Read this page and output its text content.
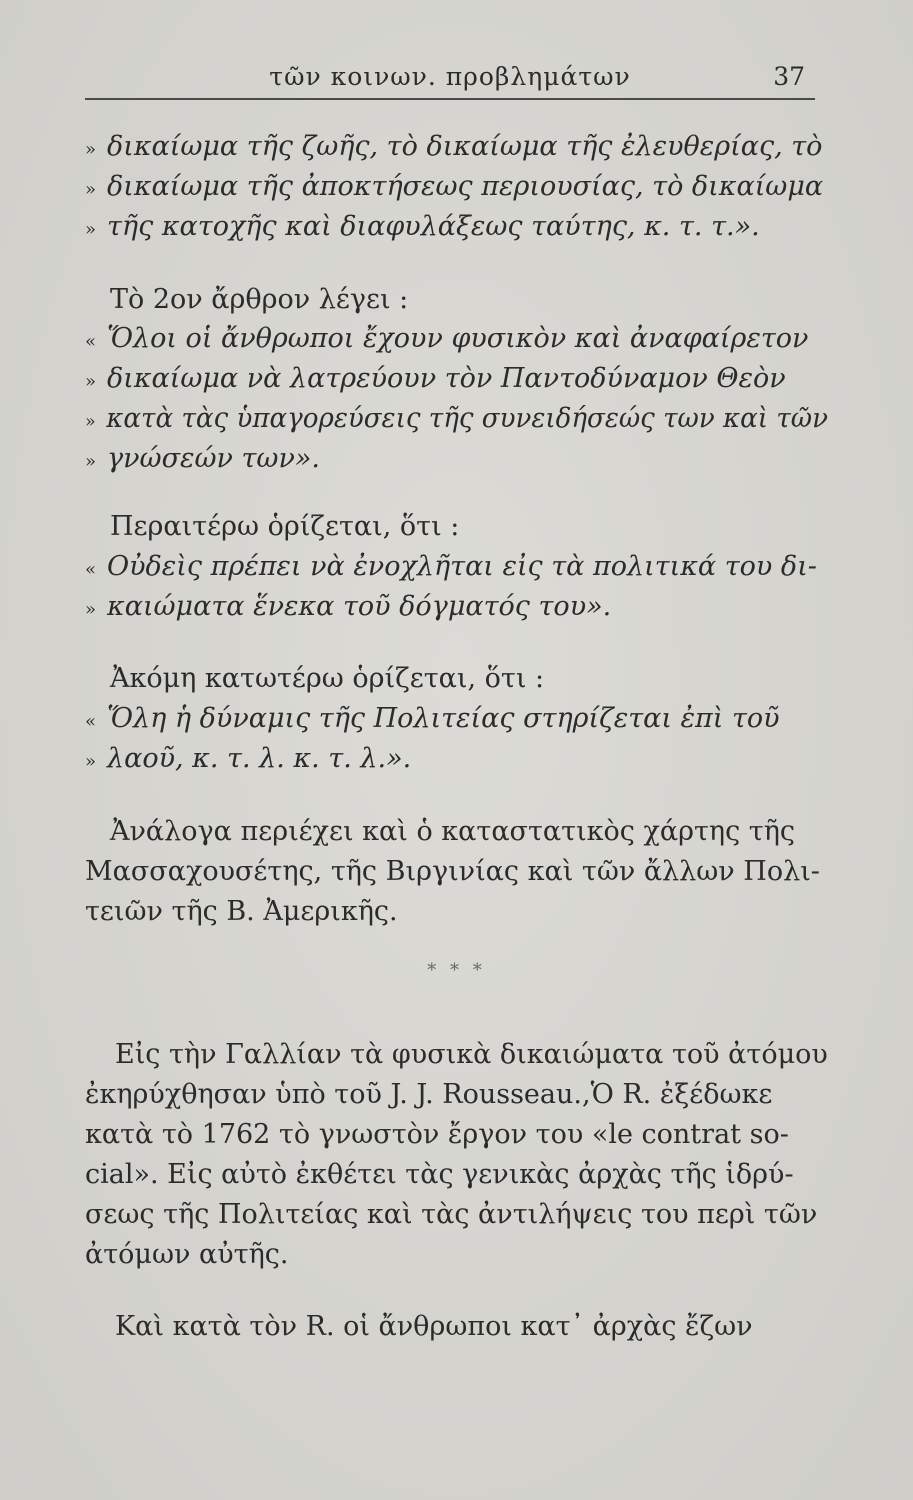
τῶν κοινων. προβλημάτων	37
» δικαίωμα τῆς ζωῆς, τὸ δικαίωμα τῆς ἐλευθερίας, τὸ
» δικαίωμα τῆς ἀποκτήσεως περιουσίας, τὸ δικαίωμα
» τῆς κατοχῆς καὶ διαφυλάξεως ταύτης, κ. τ. τ.».
Τὸ 2ον ἄρθρον λέγει :
« Ὅλοι οἱ ἄνθρωποι ἔχουν φυσικὸν καὶ ἀναφαίρετον
» δικαίωμα νὰ λατρεύουν τὸν Παντοδύναμον Θεὸν
» κατὰ τὰς ὑπαγορεύσεις τῆς συνειδήσεώς των καὶ τῶν
» γνώσεών των».
Περαιτέρω ὁρίζεται, ὅτι :
« Οὐδεὶς πρέπει νὰ ἐνοχλῆται εἰς τὰ πολιτικά του δι-
» καιώματα ἕνεκα τοῦ δόγματός του».
Ἀκόμη κατωτέρω ὁρίζεται, ὅτι :
« Ὅλη ἡ δύναμις τῆς Πολιτείας στηρίζεται ἐπὶ τοῦ
» λαοῦ, κ. τ. λ. κ. τ. λ.».
Ἀνάλογα περιέχει καὶ ὁ καταστατικὸς χάρτης τῆς
Μασσαχουσέτης, τῆς Βιργινίας καὶ τῶν ἄλλων Πολι-
τειῶν τῆς Β. Ἀμερικῆς.
* * *
Εἰς τὴν Γαλλίαν τὰ φυσικὰ δικαιώματα τοῦ ἀτόμου
ἐκηρύχθησαν ὑπὸ τοῦ J. J. Rousseau.,Ὁ R. ἐξέδωκε
κατὰ τὸ 1762 τὸ γνωστὸν ἔργον του «le contrat so-
cial». Εἰς αὐτὸ ἐκθέτει τὰς γενικὰς ἀρχὰς τῆς ἱδρύ-
σεως τῆς Πολιτείας καὶ τὰς ἀντιλήψεις του περὶ τῶν
ἀτόμων αὐτῆς.
Καὶ κατὰ τὸν R. οἱ ἄνθρωποι κατ᾽ ἀρχὰς ἔζων
